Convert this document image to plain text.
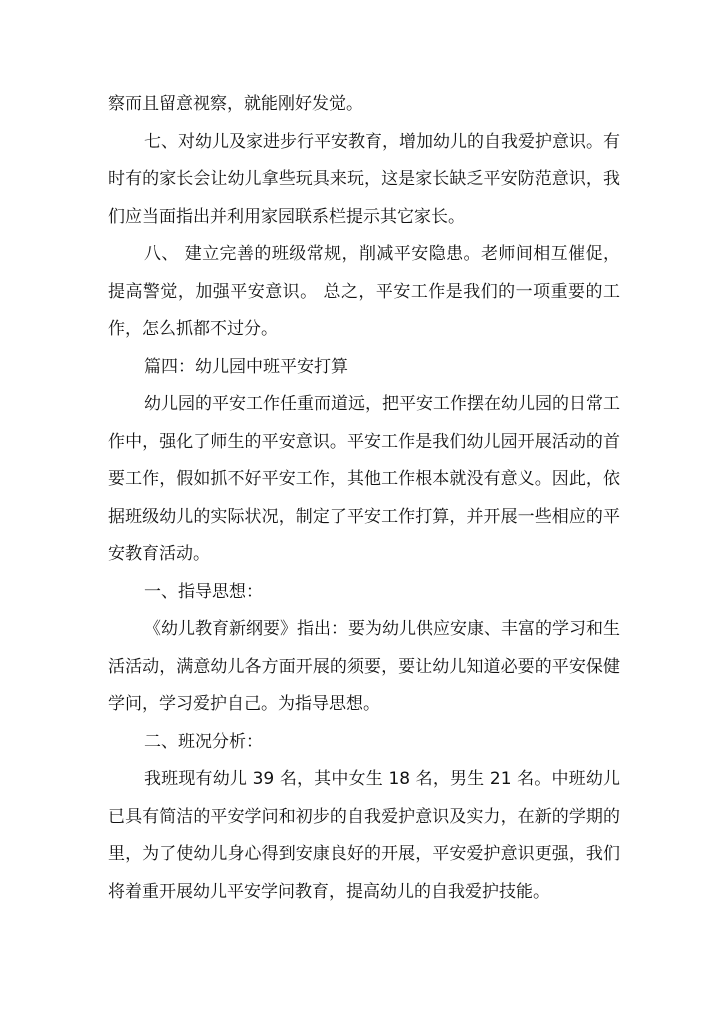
察而且留意视察，就能刚好发觉。

七、对幼儿及家进步行平安教育，增加幼儿的自我爱护意识。有时有的家长会让幼儿拿些玩具来玩，这是家长缺乏平安防范意识，我们应当面指出并利用家园联系栏提示其它家长。

八、 建立完善的班级常规，削减平安隐患。老师间相互催促，提高警觉，加强平安意识。 总之，平安工作是我们的一项重要的工作，怎么抓都不过分。

篇四：幼儿园中班平安打算

幼儿园的平安工作任重而道远，把平安工作摆在幼儿园的日常工作中，强化了师生的平安意识。平安工作是我们幼儿园开展活动的首要工作，假如抓不好平安工作，其他工作根本就没有意义。因此，依据班级幼儿的实际状况，制定了平安工作打算，并开展一些相应的平安教育活动。

一、指导思想：

《幼儿教育新纲要》指出：要为幼儿供应安康、丰富的学习和生活活动，满意幼儿各方面开展的须要，要让幼儿知道必要的平安保健学问，学习爱护自己。为指导思想。

二、班况分析：

我班现有幼儿 39 名，其中女生 18 名，男生 21 名。中班幼儿已具有简洁的平安学问和初步的自我爱护意识及实力，在新的学期的里，为了使幼儿身心得到安康良好的开展，平安爱护意识更强，我们将着重开展幼儿平安学问教育，提高幼儿的自我爱护技能。
